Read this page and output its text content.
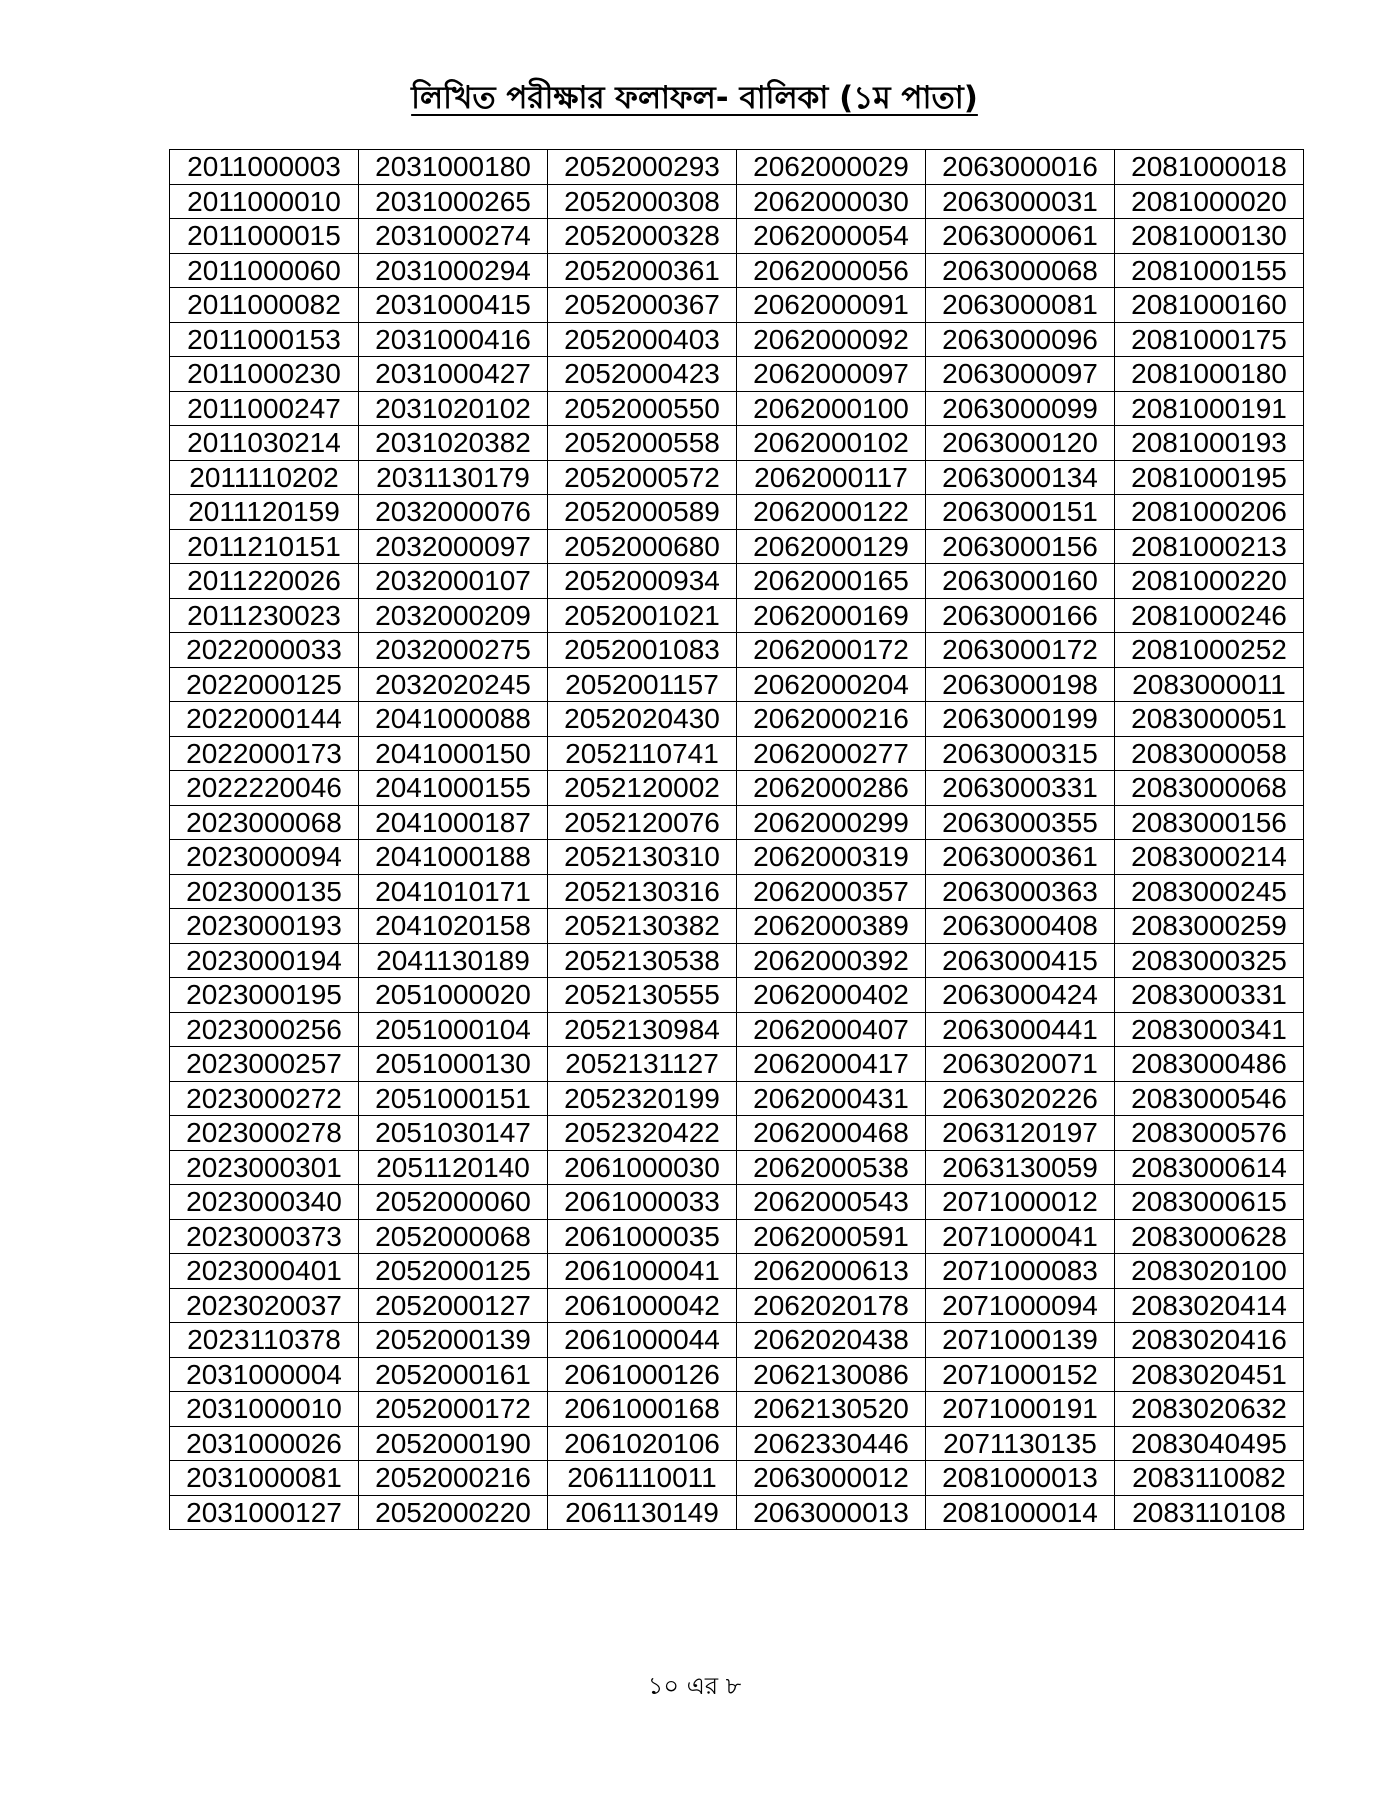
লিখিত পরীক্ষার ফলাফল- বালিকা (১ম পাতা)
2011000003	2031000180	2052000293	2062000029	2063000016	2081000018
2011000010	2031000265	2052000308	2062000030	2063000031	2081000020
2011000015	2031000274	2052000328	2062000054	2063000061	2081000130
2011000060	2031000294	2052000361	2062000056	2063000068	2081000155
2011000082	2031000415	2052000367	2062000091	2063000081	2081000160
2011000153	2031000416	2052000403	2062000092	2063000096	2081000175
2011000230	2031000427	2052000423	2062000097	2063000097	2081000180
2011000247	2031020102	2052000550	2062000100	2063000099	2081000191
2011030214	2031020382	2052000558	2062000102	2063000120	2081000193
2011110202	2031130179	2052000572	2062000117	2063000134	2081000195
2011120159	2032000076	2052000589	2062000122	2063000151	2081000206
2011210151	2032000097	2052000680	2062000129	2063000156	2081000213
2011220026	2032000107	2052000934	2062000165	2063000160	2081000220
2011230023	2032000209	2052001021	2062000169	2063000166	2081000246
2022000033	2032000275	2052001083	2062000172	2063000172	2081000252
2022000125	2032020245	2052001157	2062000204	2063000198	2083000011
2022000144	2041000088	2052020430	2062000216	2063000199	2083000051
2022000173	2041000150	2052110741	2062000277	2063000315	2083000058
2022220046	2041000155	2052120002	2062000286	2063000331	2083000068
2023000068	2041000187	2052120076	2062000299	2063000355	2083000156
2023000094	2041000188	2052130310	2062000319	2063000361	2083000214
2023000135	2041010171	2052130316	2062000357	2063000363	2083000245
2023000193	2041020158	2052130382	2062000389	2063000408	2083000259
2023000194	2041130189	2052130538	2062000392	2063000415	2083000325
2023000195	2051000020	2052130555	2062000402	2063000424	2083000331
2023000256	2051000104	2052130984	2062000407	2063000441	2083000341
2023000257	2051000130	2052131127	2062000417	2063020071	2083000486
2023000272	2051000151	2052320199	2062000431	2063020226	2083000546
2023000278	2051030147	2052320422	2062000468	2063120197	2083000576
2023000301	2051120140	2061000030	2062000538	2063130059	2083000614
2023000340	2052000060	2061000033	2062000543	2071000012	2083000615
2023000373	2052000068	2061000035	2062000591	2071000041	2083000628
2023000401	2052000125	2061000041	2062000613	2071000083	2083020100
2023020037	2052000127	2061000042	2062020178	2071000094	2083020414
2023110378	2052000139	2061000044	2062020438	2071000139	2083020416
2031000004	2052000161	2061000126	2062130086	2071000152	2083020451
2031000010	2052000172	2061000168	2062130520	2071000191	2083020632
2031000026	2052000190	2061020106	2062330446	2071130135	2083040495
2031000081	2052000216	2061110011	2063000012	2081000013	2083110082
2031000127	2052000220	2061130149	2063000013	2081000014	2083110108
১০ এর ৮
